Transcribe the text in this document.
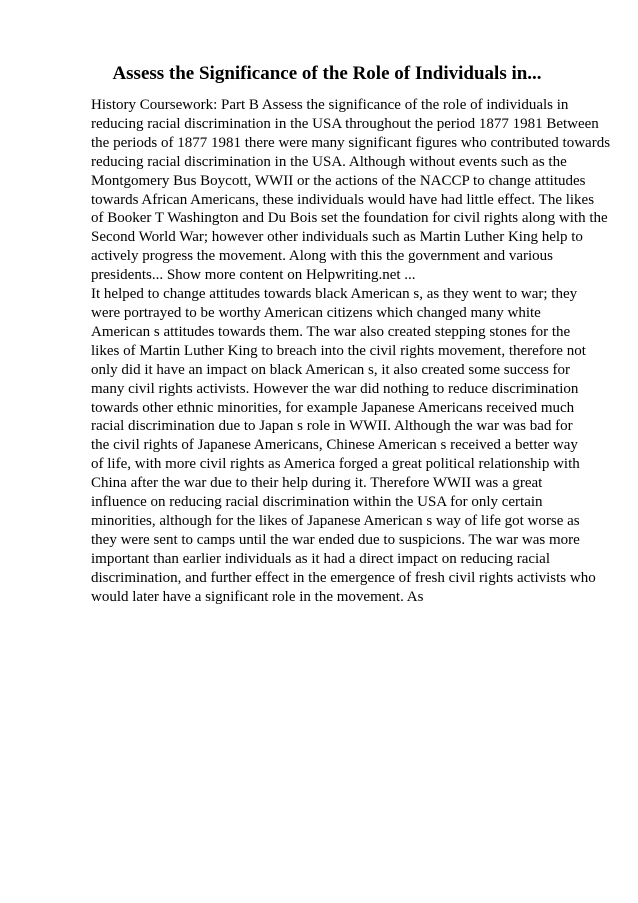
Assess the Significance of the Role of Individuals in...
History Coursework: Part B Assess the significance of the role of individuals in
reducing racial discrimination in the USA throughout the period 1877 1981 Between
the periods of 1877 1981 there were many significant figures who contributed towards
reducing racial discrimination in the USA. Although without events such as the
Montgomery Bus Boycott, WWII or the actions of the NACCP to change attitudes
towards African Americans, these individuals would have had little effect. The likes
of Booker T Washington and Du Bois set the foundation for civil rights along with the
Second World War; however other individuals such as Martin Luther King help to
actively progress the movement. Along with this the government and various
presidents... Show more content on Helpwriting.net ...
It helped to change attitudes towards black American s, as they went to war; they
were portrayed to be worthy American citizens which changed many white
American s attitudes towards them. The war also created stepping stones for the
likes of Martin Luther King to breach into the civil rights movement, therefore not
only did it have an impact on black American s, it also created some success for
many civil rights activists. However the war did nothing to reduce discrimination
towards other ethnic minorities, for example Japanese Americans received much
racial discrimination due to Japan s role in WWII. Although the war was bad for
the civil rights of Japanese Americans, Chinese American s received a better way
of life, with more civil rights as America forged a great political relationship with
China after the war due to their help during it. Therefore WWII was a great
influence on reducing racial discrimination within the USA for only certain
minorities, although for the likes of Japanese American s way of life got worse as
they were sent to camps until the war ended due to suspicions. The war was more
important than earlier individuals as it had a direct impact on reducing racial
discrimination, and further effect in the emergence of fresh civil rights activists who
would later have a significant role in the movement. As
